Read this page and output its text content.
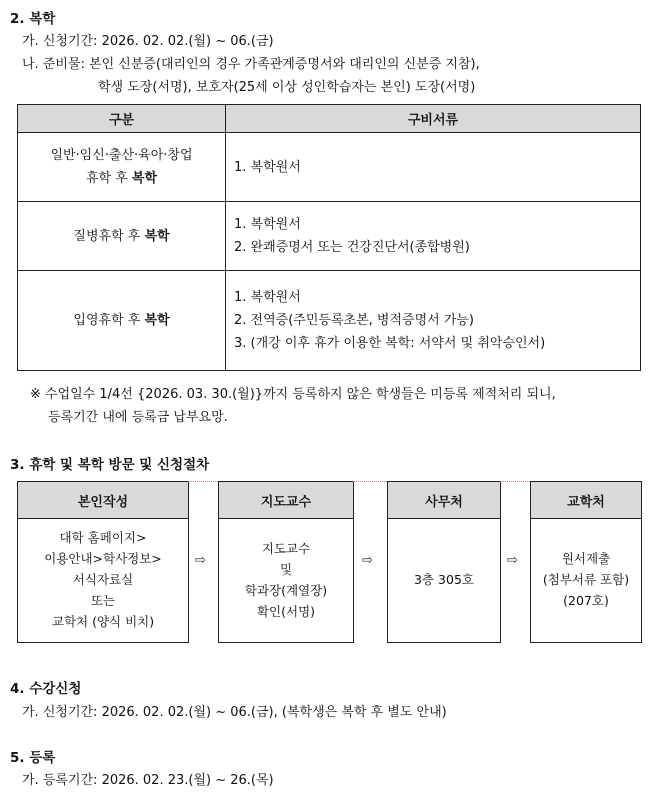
2. 복학
가. 신청기간: 2026. 02. 02.(월) ~ 06.(금)
나. 준비물: 본인 신분증(대리인의 경우 가족관계증명서와 대리인의 신분증 지참),
학생 도장(서명), 보호자(25세 이상 성인학습자는 본인) 도장(서명)
구분	구비서류

일반·임신·출산·육아·창업
휴학 후 복학	1. 복학원서

질병휴학 후 복학	1. 복학원서
2. 완쾌증명서 또는 건강진단서(종합병원)

입영휴학 후 복학	1. 복학원서
2. 전역증(주민등록초본, 병적증명서 가능)
3. (개강 이후 휴가 이용한 복학: 서약서 및 취악승인서)
※ 수업일수 1/4선 {2026. 03. 30.(월)}까지 등록하지 않은 학생들은 미등록 제적처리 되니,
등록기간 내에 등록금 납부요망.
3. 휴학 및 복학 방문 및 신청절차
본인작성
대학 홈페이지>
이용안내>학사정보>
서식자료실
또는
교학처 (양식 비치)
⇨
지도교수
지도교수
및
학과장(계열장)
확인(서명)
⇨
사무처
3층 305호
⇨
교학처
원서제출
(첨부서류 포함)
(207호)
4. 수강신청
가. 신청기간: 2026. 02. 02.(월) ~ 06.(금), (복학생은 복학 후 별도 안내)
5. 등록
가. 등록기간: 2026. 02. 23.(월) ~ 26.(목)
